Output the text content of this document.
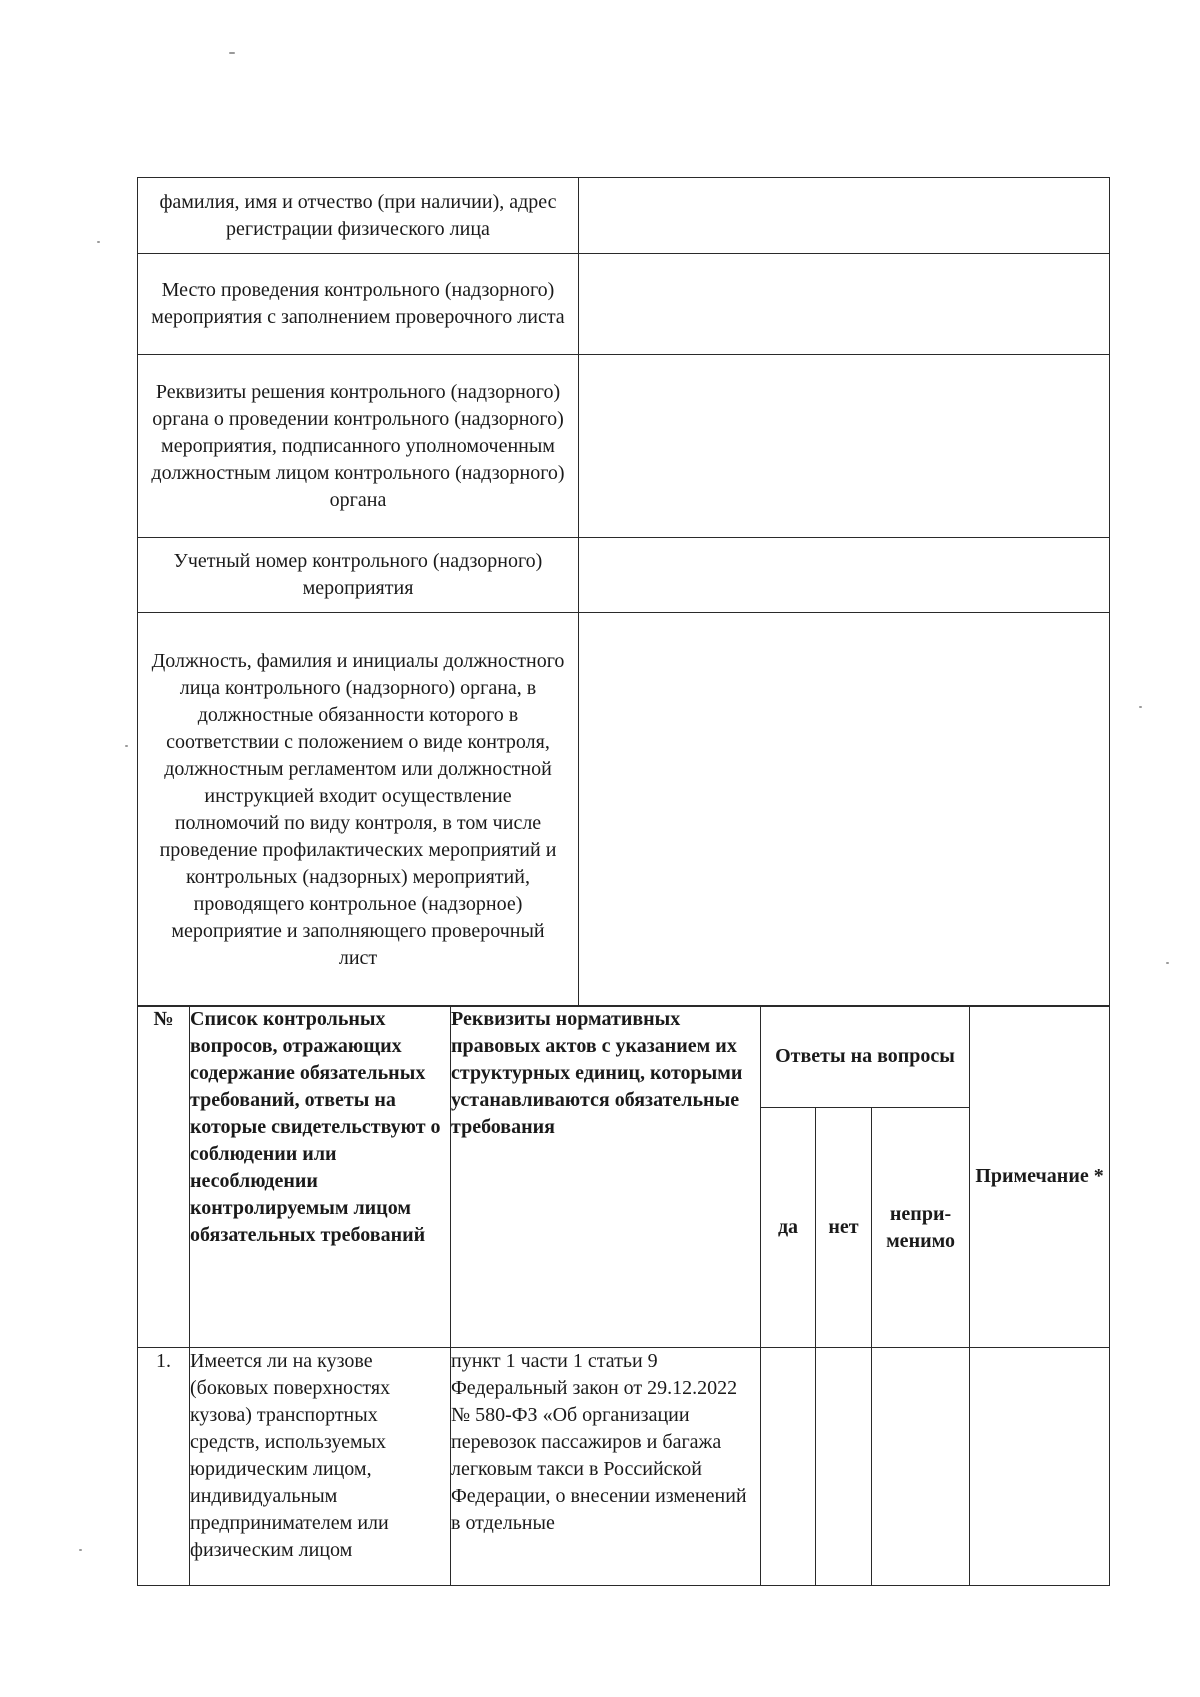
фамилия, имя и отчество (при наличии), адрес регистрации физического лица	
Место проведения контрольного (надзорного) мероприятия с заполнением проверочного листа	
Реквизиты решения контрольного (надзорного) органа о проведении контрольного (надзорного) мероприятия, подписанного уполномоченным должностным лицом контрольного (надзорного) органа	
Учетный номер контрольного (надзорного) мероприятия	
Должность, фамилия и инициалы должностного лица контрольного (надзорного) органа, в должностные обязанности которого в соответствии с положением о виде контроля, должностным регламентом или должностной инструкцией входит осуществление полномочий по виду контроля, в том числе проведение профилактических мероприятий и контрольных (надзорных) мероприятий, проводящего контрольное (надзорное) мероприятие и заполняющего проверочный лист	
№	Список контрольных вопросов, отражающих содержание обязательных требований, ответы на которые свидетельствуют о соблюдении или несоблюдении контролируемым лицом обязательных требований	Реквизиты нормативных правовых актов с указанием их структурных единиц, которыми устанавливаются обязательные требования	Ответы на вопросы			Примечание *
			да	нет	непри-менимо	
1.	Имеется ли на кузове (боковых поверхностях кузова) транспортных средств, используемых юридическим лицом, индивидуальным предпринимателем или физическим лицом	пункт 1 части 1 статьи 9 Федеральный закон от 29.12.2022 № 580-ФЗ «Об организации перевозок пассажиров и багажа легковым такси в Российской Федерации, о внесении изменений в отдельные				
